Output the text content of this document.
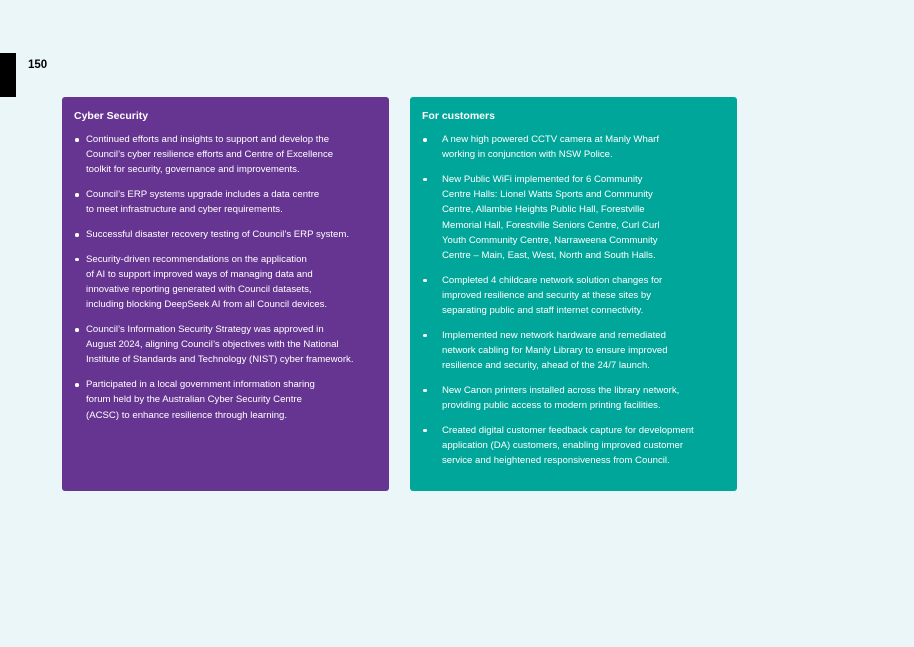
150
Cyber Security
Continued efforts and insights to support and develop the
Council’s cyber resilience efforts and Centre of Excellence
toolkit for security, governance and improvements.
Council’s ERP systems upgrade includes a data centre
to meet infrastructure and cyber requirements.
Successful disaster recovery testing of Council’s ERP system.
Security-driven recommendations on the application
of AI to support improved ways of managing data and
innovative reporting generated with Council datasets,
including blocking DeepSeek AI from all Council devices.
Council’s Information Security Strategy was approved in
August 2024, aligning Council’s objectives with the National
Institute of Standards and Technology (NIST) cyber framework.
Participated in a local government information sharing
forum held by the Australian Cyber Security Centre
(ACSC) to enhance resilience through learning.
For customers
A new high powered CCTV camera at Manly Wharf
working in conjunction with NSW Police.
New Public WiFi implemented for 6 Community
Centre Halls: Lionel Watts Sports and Community
Centre, Allambie Heights Public Hall, Forestville
Memorial Hall, Forestville Seniors Centre, Curl Curl
Youth Community Centre, Narraweena Community
Centre – Main, East, West, North and South Halls.
Completed 4 childcare network solution changes for
improved resilience and security at these sites by
separating public and staff internet connectivity.
Implemented new network hardware and remediated
network cabling for Manly Library to ensure improved
resilience and security, ahead of the 24/7 launch.
New Canon printers installed across the library network,
providing public access to modern printing facilities.
Created digital customer feedback capture for development
application (DA) customers, enabling improved customer
service and heightened responsiveness from Council.
